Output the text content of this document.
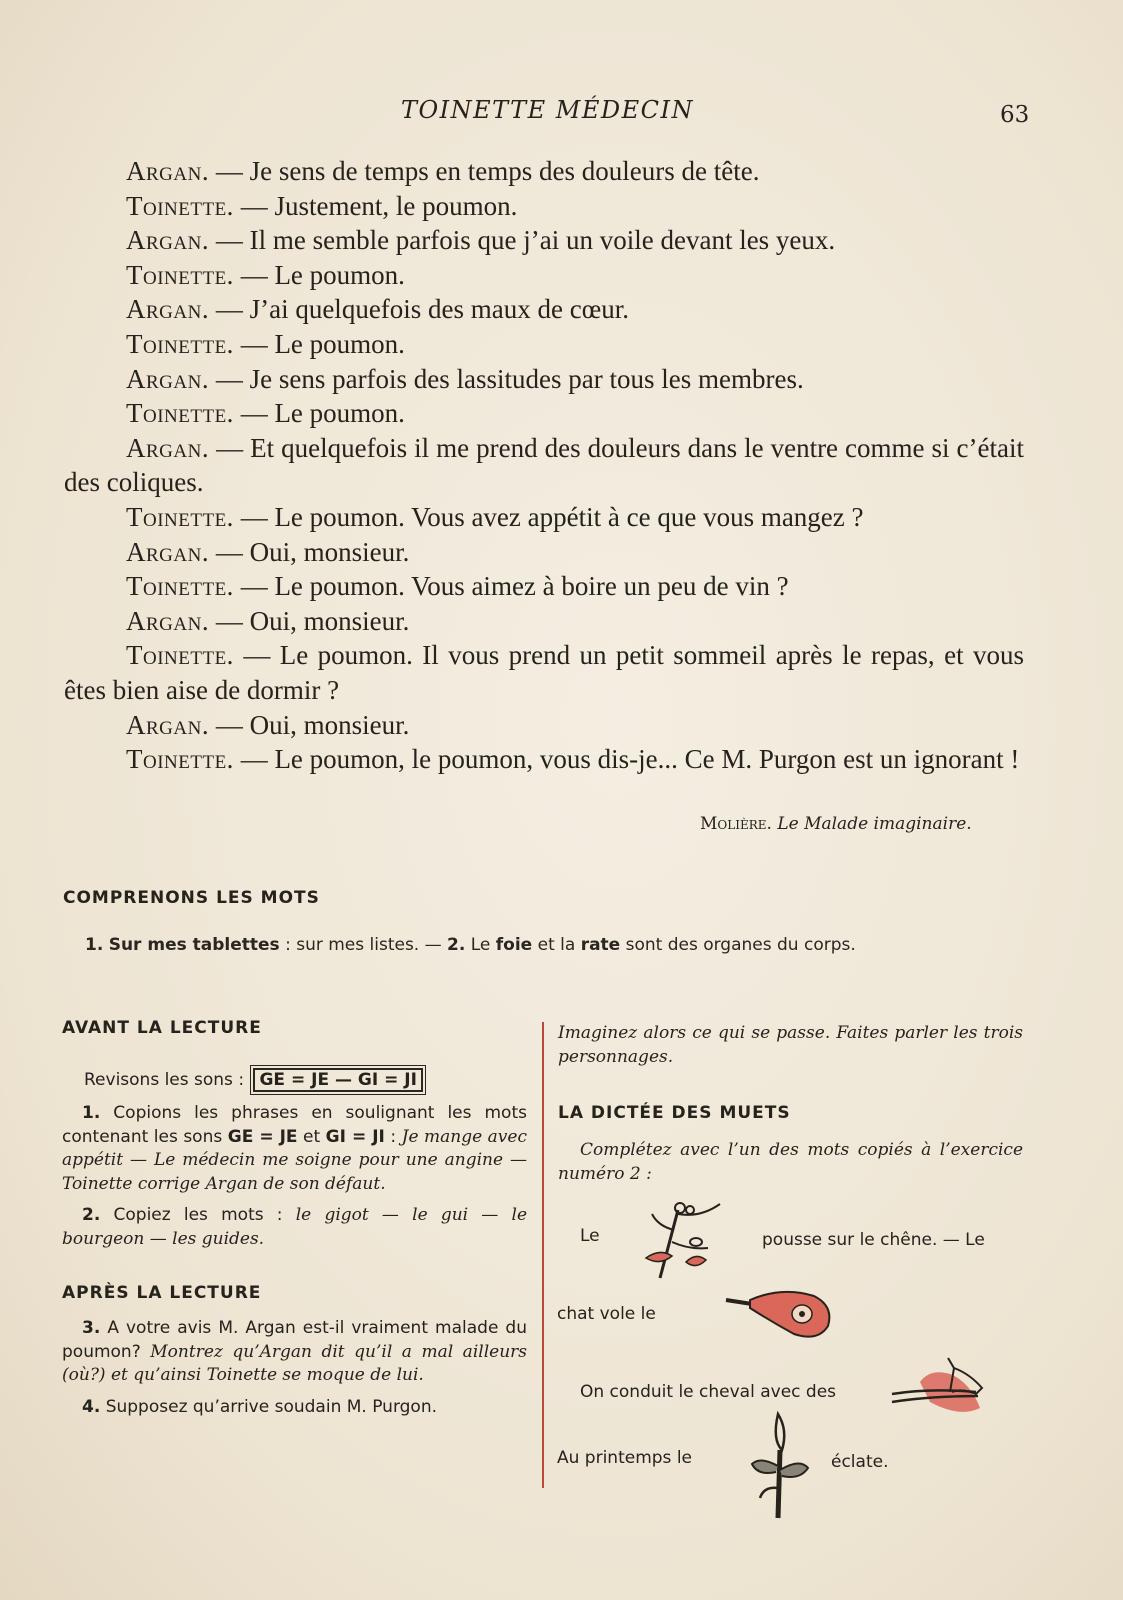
TOINETTE MÉDECIN	63
Argan. — Je sens de temps en temps des douleurs de tête.
Toinette. — Justement, le poumon.
Argan. — Il me semble parfois que j’ai un voile devant les yeux.
Toinette. — Le poumon.
Argan. — J’ai quelquefois des maux de cœur.
Toinette. — Le poumon.
Argan. — Je sens parfois des lassitudes par tous les membres.
Toinette. — Le poumon.
Argan. — Et quelquefois il me prend des douleurs dans le ventre comme si c’était des coliques.
Toinette. — Le poumon. Vous avez appétit à ce que vous mangez ?
Argan. — Oui, monsieur.
Toinette. — Le poumon. Vous aimez à boire un peu de vin ?
Argan. — Oui, monsieur.
Toinette. — Le poumon. Il vous prend un petit sommeil après le repas, et vous êtes bien aise de dormir ?
Argan. — Oui, monsieur.
Toinette. — Le poumon, le poumon, vous dis-je... Ce M. Purgon est un ignorant !
Molière. Le Malade imaginaire.
COMPRENONS LES MOTS
1. Sur mes tablettes : sur mes listes. — 2. Le foie et la rate sont des organes du corps.
AVANT LA LECTURE
Revisons les sons : GE = JE — GI = JI
1. Copions les phrases en soulignant les mots contenant les sons GE = JE et GI = JI : Je mange avec appétit — Le médecin me soigne pour une angine — Toinette corrige Argan de son défaut.
2. Copiez les mots : le gigot — le gui — le bourgeon — les guides.
APRÈS LA LECTURE
3. A votre avis M. Argan est-il vraiment malade du poumon? Montrez qu’Argan dit qu’il a mal ailleurs (où?) et qu’ainsi Toinette se moque de lui.
4. Supposez qu’arrive soudain M. Purgon.
Imaginez alors ce qui se passe. Faites parler les trois personnages.
LA DICTÉE DES MUETS
Complétez avec l’un des mots copiés à l’exercice numéro 2 :
Le	pousse sur le chêne. — Le
chat vole le
On conduit le cheval avec des
Au printemps le	éclate.
